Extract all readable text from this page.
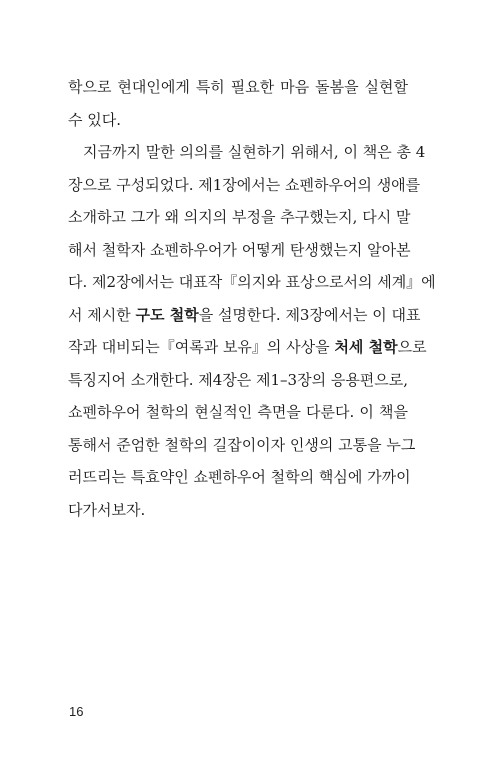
학으로 현대인에게 특히 필요한 마음 돌봄을 실현할
수 있다.
지금까지 말한 의의를 실현하기 위해서, 이 책은 총 4
장으로 구성되었다. 제1장에서는 쇼펜하우어의 생애를
소개하고 그가 왜 의지의 부정을 추구했는지, 다시 말
해서 철학자 쇼펜하우어가 어떻게 탄생했는지 알아본
다. 제2장에서는 대표작『의지와 표상으로서의 세계』에
서 제시한 구도 철학을 설명한다. 제3장에서는 이 대표
작과 대비되는『여록과 보유』의 사상을 처세 철학으로
특징지어 소개한다. 제4장은 제1–3장의 응용편으로,
쇼펜하우어 철학의 현실적인 측면을 다룬다. 이 책을
통해서 준엄한 철학의 길잡이이자 인생의 고통을 누그
러뜨리는 특효약인 쇼펜하우어 철학의 핵심에 가까이
다가서보자.
16
